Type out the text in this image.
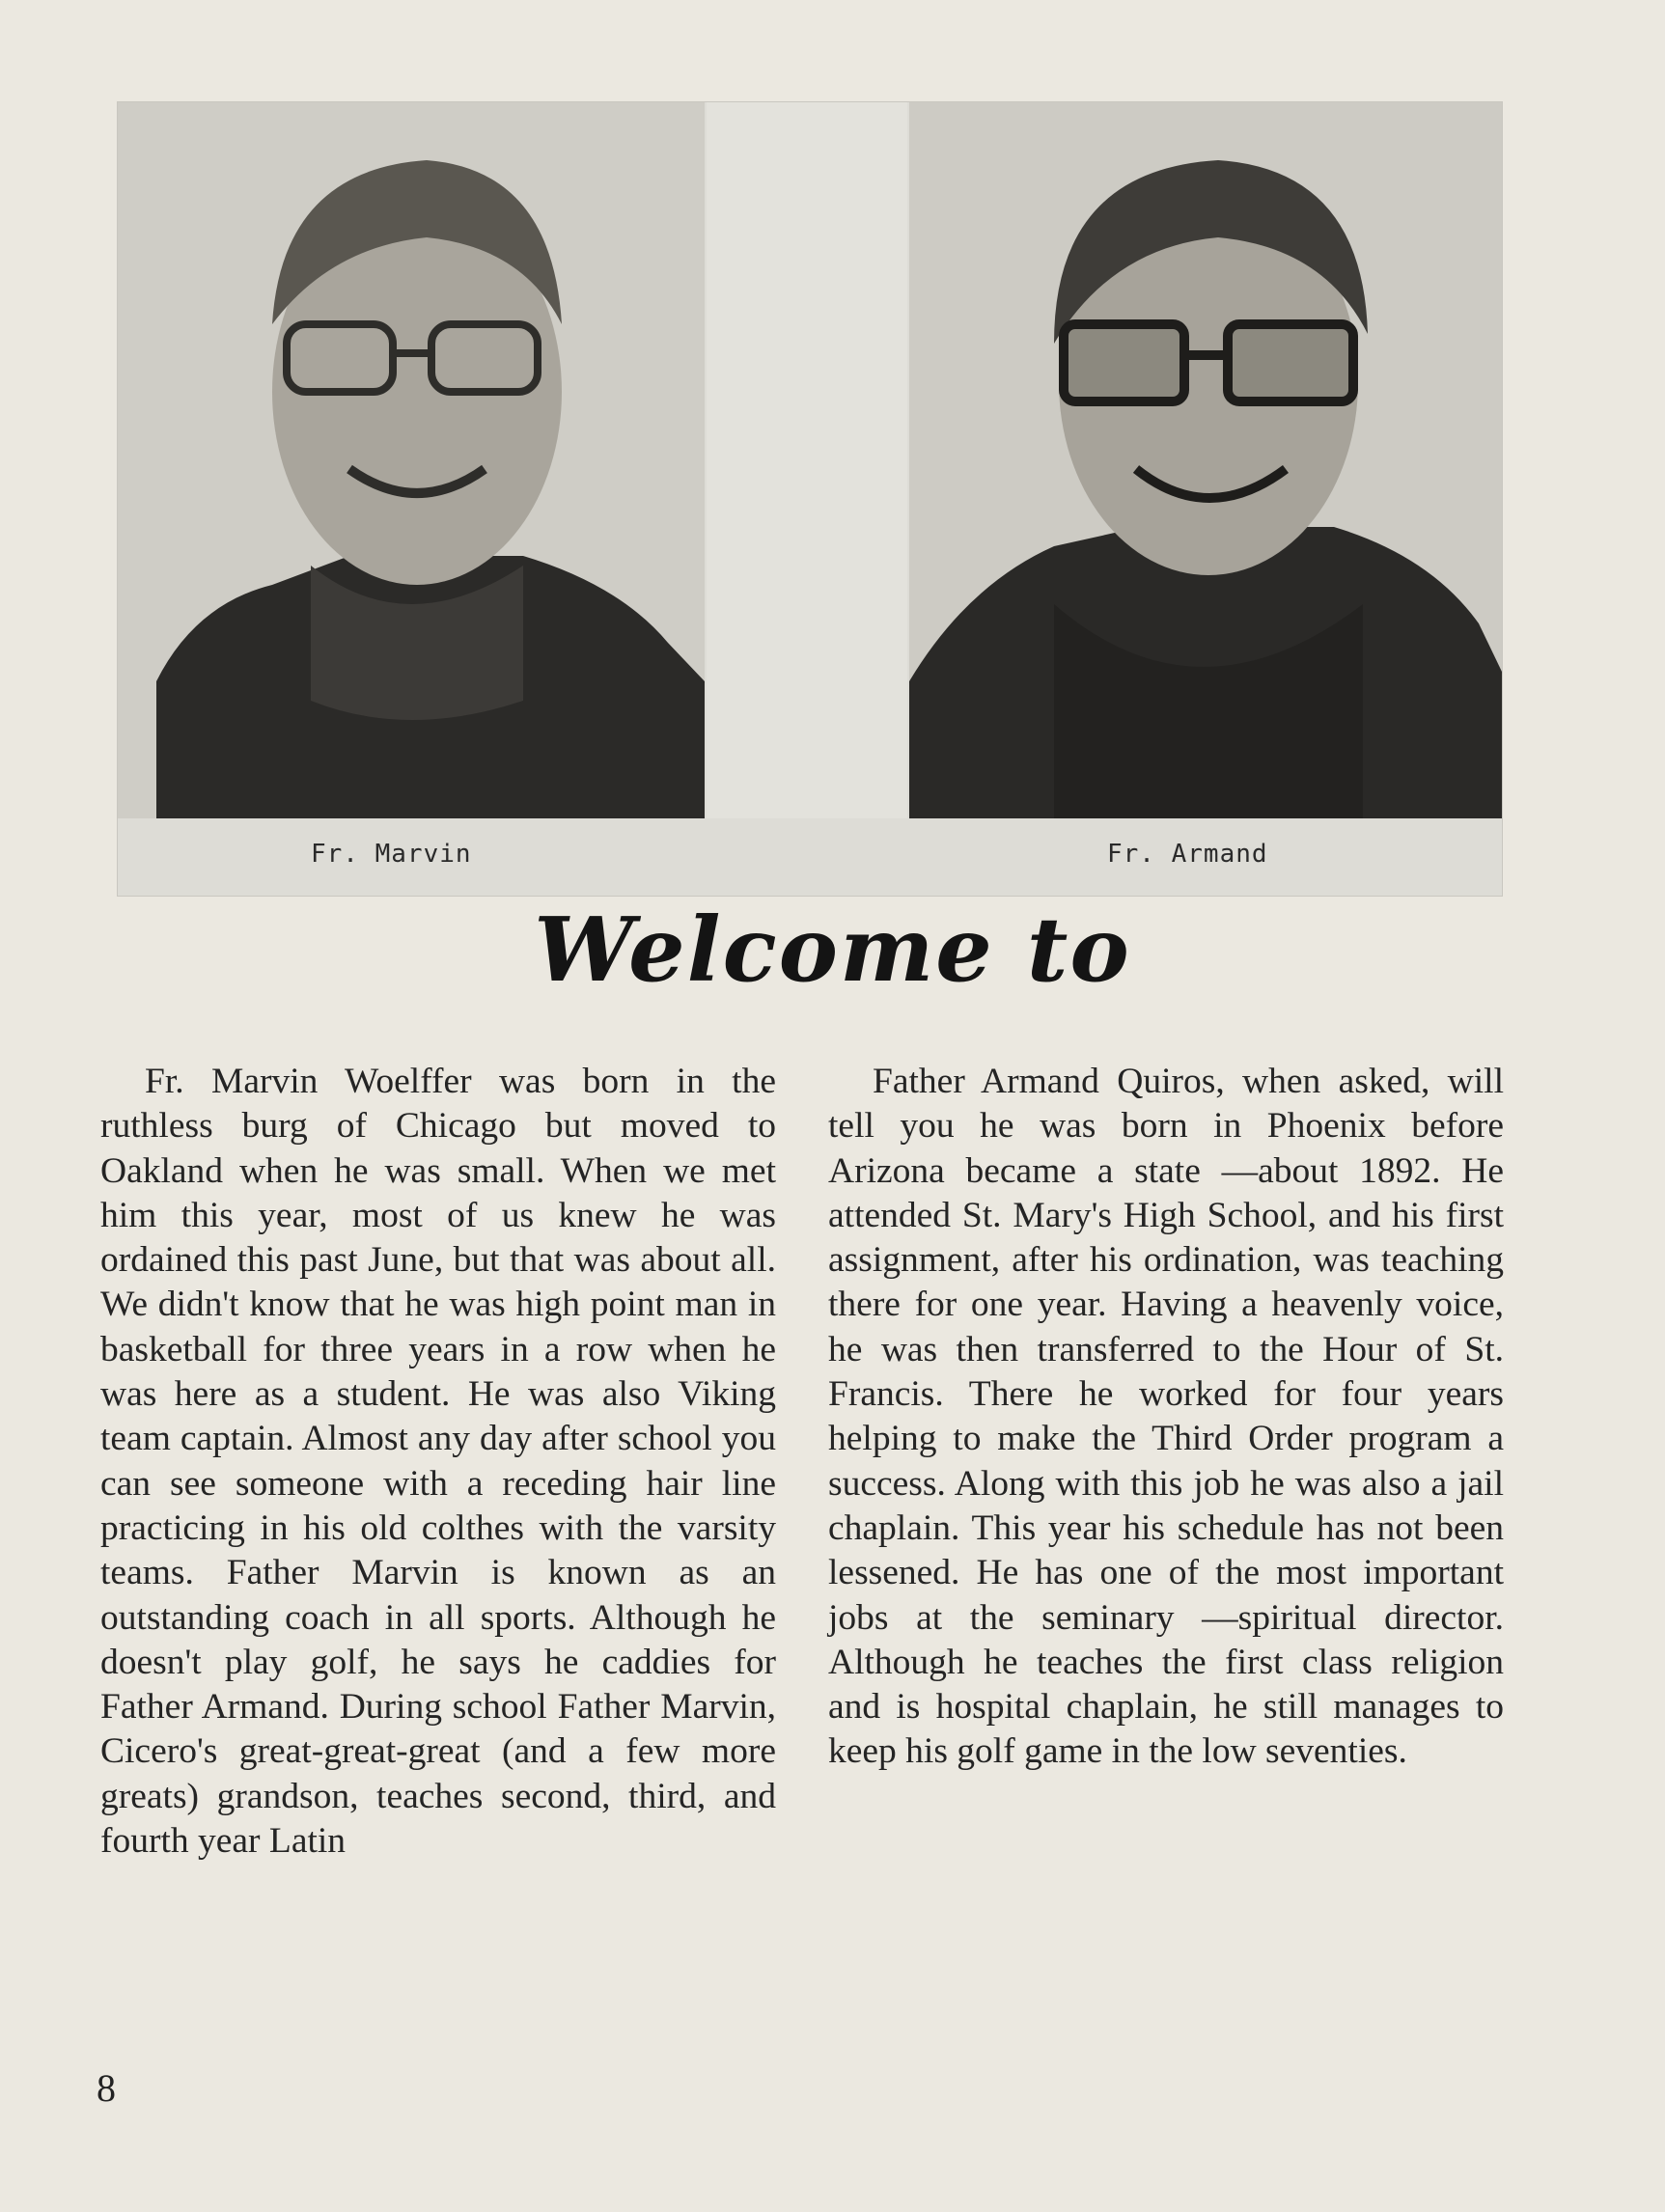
Fr. Marvin	Fr. Armand
Welcome to

Fr. Marvin Woelffer was born in the ruthless burg of Chicago but moved to Oakland when he was small. When we met him this year, most of us knew he was ordained this past June, but that was about all. We didn't know that he was high point man in basketball for three years in a row when he was here as a student. He was also Viking team captain. Almost any day after school you can see someone with a receding hair line practicing in his old colthes with the varsity teams. Father Marvin is known as an outstanding coach in all sports. Although he doesn't play golf, he says he caddies for Father Armand. During school Father Marvin, Cicero's great-great-great (and a few more greats) grandson, teaches second, third, and fourth year Latin

Father Armand Quiros, when asked, will tell you he was born in Phoenix before Arizona became a state —about 1892. He attended St. Mary's High School, and his first assignment, after his ordination, was teaching there for one year. Having a heavenly voice, he was then transferred to the Hour of St. Francis. There he worked for four years helping to make the Third Order program a success. Along with this job he was also a jail chaplain. This year his schedule has not been lessened. He has one of the most important jobs at the seminary —spiritual director. Although he teaches the first class religion and is hospital chaplain, he still manages to keep his golf game in the low seventies.

8
